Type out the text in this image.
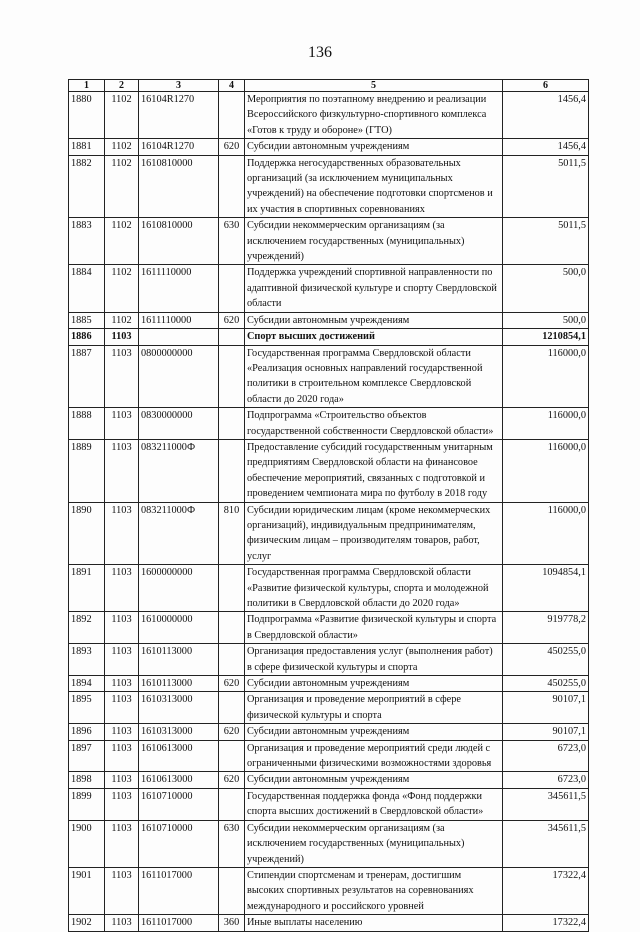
136
1	2	3	4	5	6
1880	1102	16104R1270		Мероприятия по поэтапному внедрению и реализации Всероссийского физкультурно-спортивного комплекса «Готов к труду и обороне» (ГТО)	1456,4
1881	1102	16104R1270	620	Субсидии автономным учреждениям	1456,4
1882	1102	1610810000		Поддержка негосударственных образовательных организаций (за исключением муниципальных учреждений) на обеспечение подготовки спортсменов и их участия в спортивных соревнованиях	5011,5
1883	1102	1610810000	630	Субсидии некоммерческим организациям (за исключением государственных (муниципальных) учреждений)	5011,5
1884	1102	1611110000		Поддержка учреждений спортивной направленности по адаптивной физической культуре и спорту Свердловской области	500,0
1885	1102	1611110000	620	Субсидии автономным учреждениям	500,0
1886	1103			Спорт высших достижений	1210854,1
1887	1103	0800000000		Государственная программа Свердловской области «Реализация основных направлений государственной политики в строительном комплексе Свердловской области до 2020 года»	116000,0
1888	1103	0830000000		Подпрограмма «Строительство объектов государственной собственности Свердловской области»	116000,0
1889	1103	083211000Ф		Предоставление субсидий государственным унитарным предприятиям Свердловской области на финансовое обеспечение мероприятий, связанных с подготовкой и проведением чемпионата мира по футболу в 2018 году	116000,0
1890	1103	083211000Ф	810	Субсидии юридическим лицам (кроме некоммерческих организаций), индивидуальным предпринимателям, физическим лицам – производителям товаров, работ, услуг	116000,0
1891	1103	1600000000		Государственная программа Свердловской области «Развитие физической культуры, спорта и молодежной политики в Свердловской области до 2020 года»	1094854,1
1892	1103	1610000000		Подпрограмма «Развитие физической культуры и спорта в Свердловской области»	919778,2
1893	1103	1610113000		Организация предоставления услуг (выполнения работ) в сфере физической культуры и спорта	450255,0
1894	1103	1610113000	620	Субсидии автономным учреждениям	450255,0
1895	1103	1610313000		Организация и проведение мероприятий в сфере физической культуры и спорта	90107,1
1896	1103	1610313000	620	Субсидии автономным учреждениям	90107,1
1897	1103	1610613000		Организация и проведение мероприятий среди людей с ограниченными физическими возможностями здоровья	6723,0
1898	1103	1610613000	620	Субсидии автономным учреждениям	6723,0
1899	1103	1610710000		Государственная поддержка фонда «Фонд поддержки спорта высших достижений в Свердловской области»	345611,5
1900	1103	1610710000	630	Субсидии некоммерческим организациям (за исключением государственных (муниципальных) учреждений)	345611,5
1901	1103	1611017000		Стипендии спортсменам и тренерам, достигшим высоких спортивных результатов на соревнованиях международного и российского уровней	17322,4
1902	1103	1611017000	360	Иные выплаты населению	17322,4
